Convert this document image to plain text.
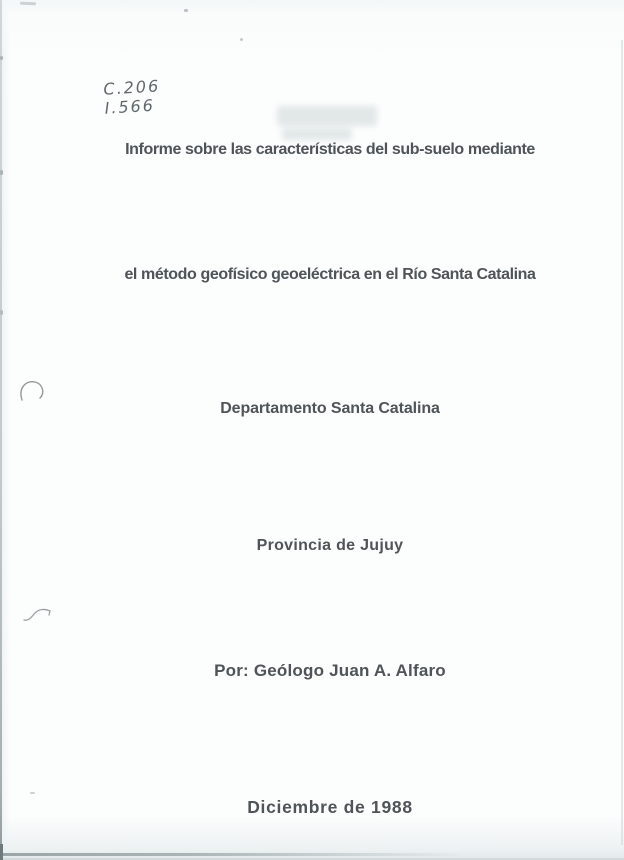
C.206
I.566
Informe sobre las características del sub-suelo mediante
el método geofísico geoeléctrica en el Río Santa Catalina
Departamento Santa Catalina
Provincia de Jujuy
Por: Geólogo Juan A. Alfaro
Diciembre de 1988
